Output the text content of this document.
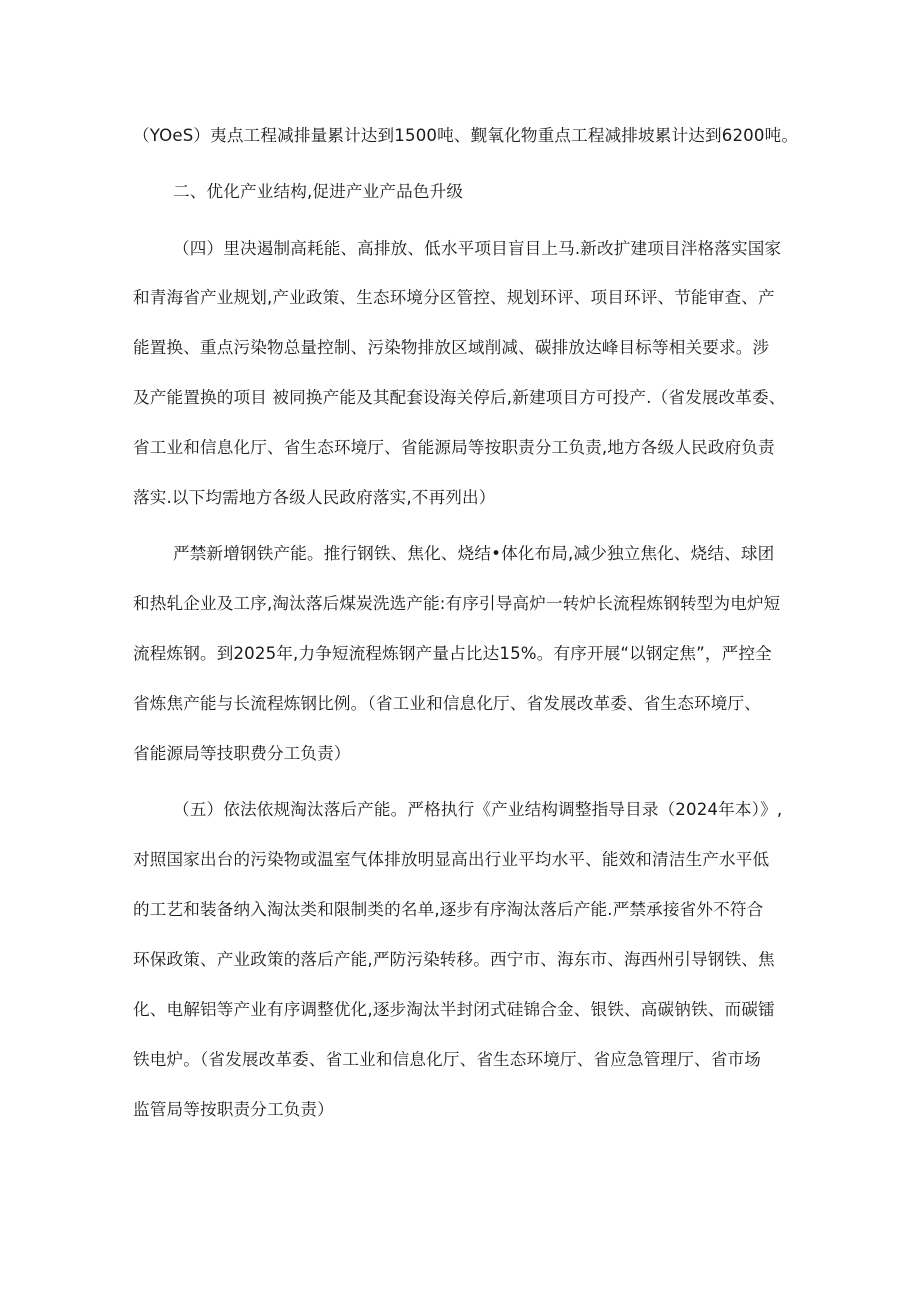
（YOeS）夷点工程减排量累计达到1500吨、觐氧化物重点工程减排坡累计达到6200吨。
二、优化产业结构,促进产业产品色升级
（四）里决遏制高耗能、高排放、低水平项目盲目上马.新改扩建项目泮格落实国家
和青海省产业规划,产业政策、生态环境分区管控、规划环评、项目环评、节能审查、产
能置换、重点污染物总量控制、污染物排放区域削减、碳排放达峰目标等相关要求。涉
及产能置换的项目 被同换产能及其配套设海关停后,新建项目方可投产.（省发展改革委、
省工业和信息化厅、省生态环境厅、省能源局等按职责分工负责,地方各级人民政府负责
落实.以下均需地方各级人民政府落实,不再列出）
严禁新增钢铁产能。推行钢铁、焦化、烧结•体化布局,减少独立焦化、烧结、球团
和热轧企业及工序,淘汰落后煤炭洗选产能:有序引导高炉一转炉长流程炼钢转型为电炉短
流程炼钢。到2025年,力争短流程炼钢产量占比达15%。有序开展“以钢定焦”，严控全
省炼焦产能与长流程炼钢比例。（省工业和信息化厅、省发展改革委、省生态环境厅、
省能源局等技职费分工负责）
（五）依法依规淘汰落后产能。严格执行《产业结构调整指导目录（2024年本）》,
对照国家出台的污染物或温室气体排放明显高出行业平均水平、能效和清洁生产水平低
的工艺和装备纳入淘汰类和限制类的名单,逐步有序淘汰落后产能.严禁承接省外不符合
环保政策、产业政策的落后产能,严防污染转移。西宁市、海东市、海西州引导钢铁、焦
化、电解铝等产业有序调整优化,逐步淘汰半封闭式硅锦合金、银铁、高碳钠铁、而碳镭
铁电炉。（省发展改革委、省工业和信息化厅、省生态环境厅、省应急管理厅、省市场
监管局等按职责分工负责）
